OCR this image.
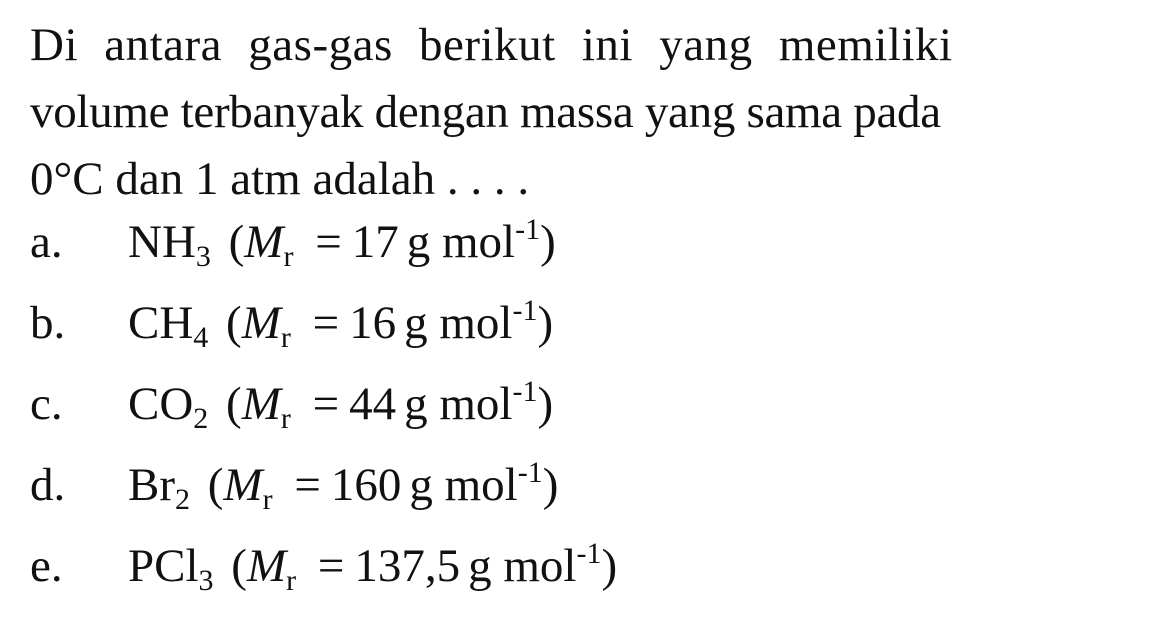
Di antara gas-gas berikut ini yang memiliki
volume terbanyak dengan massa yang sama pada
0°C dan 1 atm adalah . . . .
a.	$NH_3$ ($M_r = 17$ g mol$^{-1}$)
b.	$CH_4$ ($M_r = 16$ g mol$^{-1}$)
c.	$CO_2$ ($M_r = 44$ g mol$^{-1}$)
d.	$Br_2$ ($M_r = 160$ g mol$^{-1}$)
e.	PCl$_3$ ($M_r = 137,5$ g mol$^{-1}$)
